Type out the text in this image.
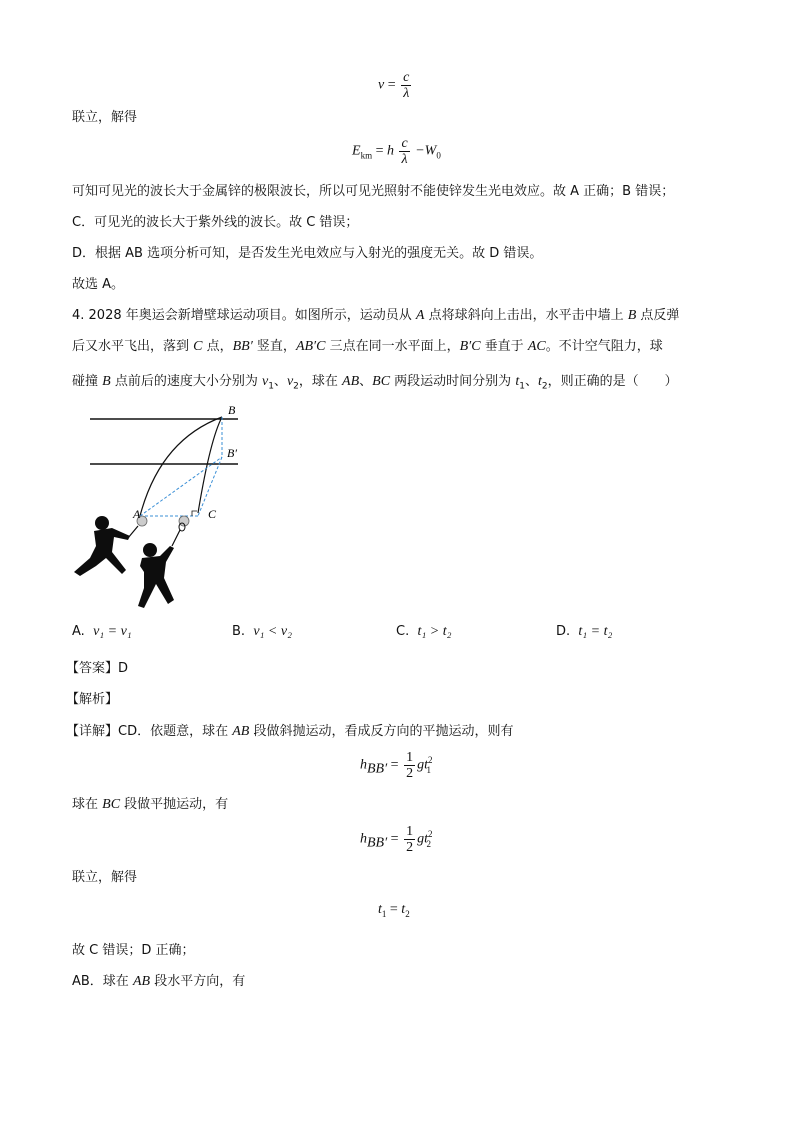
$\nu = \frac{c}{\lambda}$
联立，解得
$E_{km} = h \frac{c}{\lambda} -W_0$
可知可见光的波长大于金属锌的极限波长，所以可见光照射不能使锌发生光电效应。故 A 正确；B 错误；
C．可见光的波长大于紫外线的波长。故 C 错误；
D．根据 AB 选项分析可知，是否发生光电效应与入射光的强度无关。故 D 错误。
故选 A。
4. 2028 年奥运会新增壁球运动项目。如图所示，运动员从 A 点将球斜向上击出，水平击中墙上 B 点反弹
后又水平飞出，落到 C 点，BB′ 竖直，AB′C 三点在同一水平面上，B′C 垂直于 AC。不计空气阻力，球
碰撞 B 点前后的速度大小分别为 $v_1$、$v_2$，球在 AB、BC 两段运动时间分别为 $t_1$、$t_2$，则正确的是（　　）
B
B′
A	C
A. v₁ = v₁	B. v₁ < v₂	C. t₁ > t₂	D. t₁ = t₂
【答案】D
【解析】
【详解】CD．依题意，球在 AB 段做斜抛运动，看成反方向的平抛运动，则有
$h_{BB'} = \frac{1}{2} gt^2_1$
球在 BC 段做平抛运动，有
$h_{BB'} = \frac{1}{2} gt^2_2$
联立，解得
$t_1 = t_2$
故 C 错误；D 正确；
AB．球在 AB 段水平方向，有
